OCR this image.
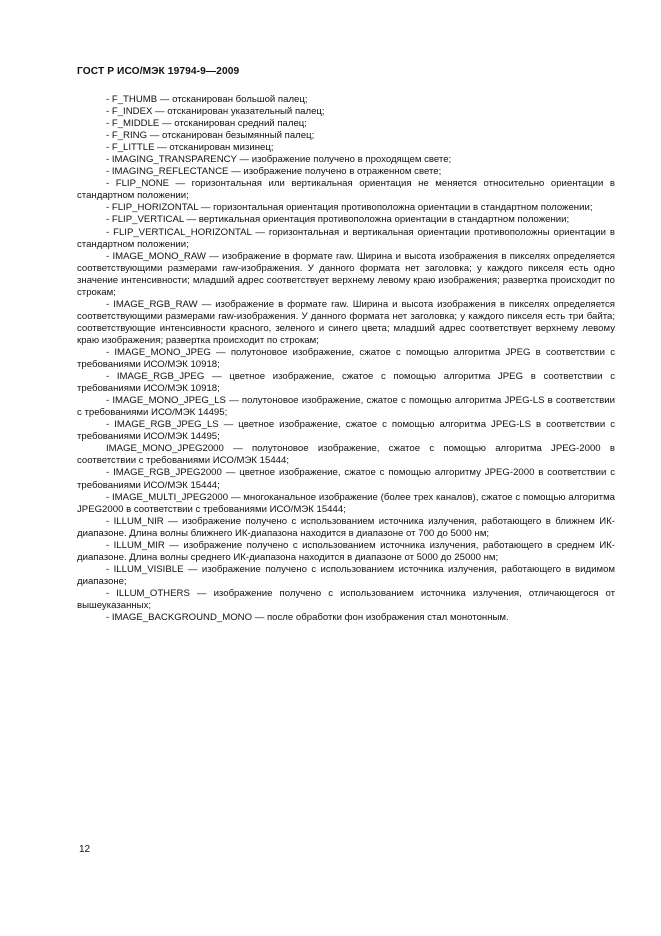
ГОСТ Р ИСО/МЭК 19794-9—2009

- F_THUMB — отсканирован большой палец;

- F_INDEX — отсканирован указательный палец;

- F_MIDDLE — отсканирован средний палец;

- F_RING — отсканирован безымянный палец;

- F_LITTLE — отсканирован мизинец;

- IMAGING_TRANSPARENCY — изображение получено в проходящем свете;

- IMAGING_REFLECTANCE — изображение получено в отраженном свете;

- FLIP_NONE — горизонтальная или вертикальная ориентация не меняется относительно ориентации в стандартном положении;

- FLIP_HORIZONTAL — горизонтальная ориентация противоположна ориентации в стандартном положении;

- FLIP_VERTICAL — вертикальная ориентация противоположна ориентации в стандартном положении;

- FLIP_VERTICAL_HORIZONTAL — горизонтальная и вертикальная ориентации противоположны ориентации в стандартном положении;

- IMAGE_MONO_RAW — изображение в формате raw. Ширина и высота изображения в пикселях определяется соответствующими размерами raw-изображения. У данного формата нет заголовка; у каждого пикселя есть одно значение интенсивности; младший адрес соответствует верхнему левому краю изображения; развертка происходит по строкам;

- IMAGE_RGB_RAW — изображение в формате raw. Ширина и высота изображения в пикселях определяется соответствующими размерами raw-изображения. У данного формата нет заголовка; у каждого пикселя есть три байта; соответствующие интенсивности красного, зеленого и синего цвета; младший адрес соответствует верхнему левому краю изображения; развертка происходит по строкам;

- IMAGE_MONO_JPEG — полутоновое изображение, сжатое с помощью алгоритма JPEG в соответствии с требованиями ИСО/МЭК 10918;

- IMAGE_RGB_JPEG — цветное изображение, сжатое с помощью алгоритма JPEG в соответствии с требованиями ИСО/МЭК 10918;

- IMAGE_MONO_JPEG_LS — полутоновое изображение, сжатое с помощью алгоритма JPEG-LS в соответствии с требованиями ИСО/МЭК 14495;

- IMAGE_RGB_JPEG_LS — цветное изображение, сжатое с помощью алгоритма JPEG-LS в соответствии с требованиями ИСО/МЭК 14495;

IMAGE_MONO_JPEG2000 — полутоновое изображение, сжатое с помощью алгоритма JPEG-2000 в соответствии с требованиями ИСО/МЭК 15444;

- IMAGE_RGB_JPEG2000 — цветное изображение, сжатое с помощью алгоритму JPEG-2000 в соответствии с требованиями ИСО/МЭК 15444;

- IMAGE_MULTI_JPEG2000 — многоканальное изображение (более трех каналов), сжатое с помощью алгоритма JPEG2000 в соответствии с требованиями ИСО/МЭК 15444;

- ILLUM_NIR — изображение получено с использованием источника излучения, работающего в ближнем ИК-диапазоне. Длина волны ближнего ИК-диапазона находится в диапазоне от 700 до 5000 нм;

- ILLUM_MIR — изображение получено с использованием источника излучения, работающего в среднем ИК-диапазоне. Длина волны среднего ИК-диапазона находится в диапазоне от 5000 до 25000 нм;

- ILLUM_VISIBLE — изображение получено с использованием источника излучения, работающего в видимом диапазоне;

- ILLUM_OTHERS — изображение получено с использованием источника излучения, отличающегося от вышеуказанных;

- IMAGE_BACKGROUND_MONO — после обработки фон изображения стал монотонным.

12
